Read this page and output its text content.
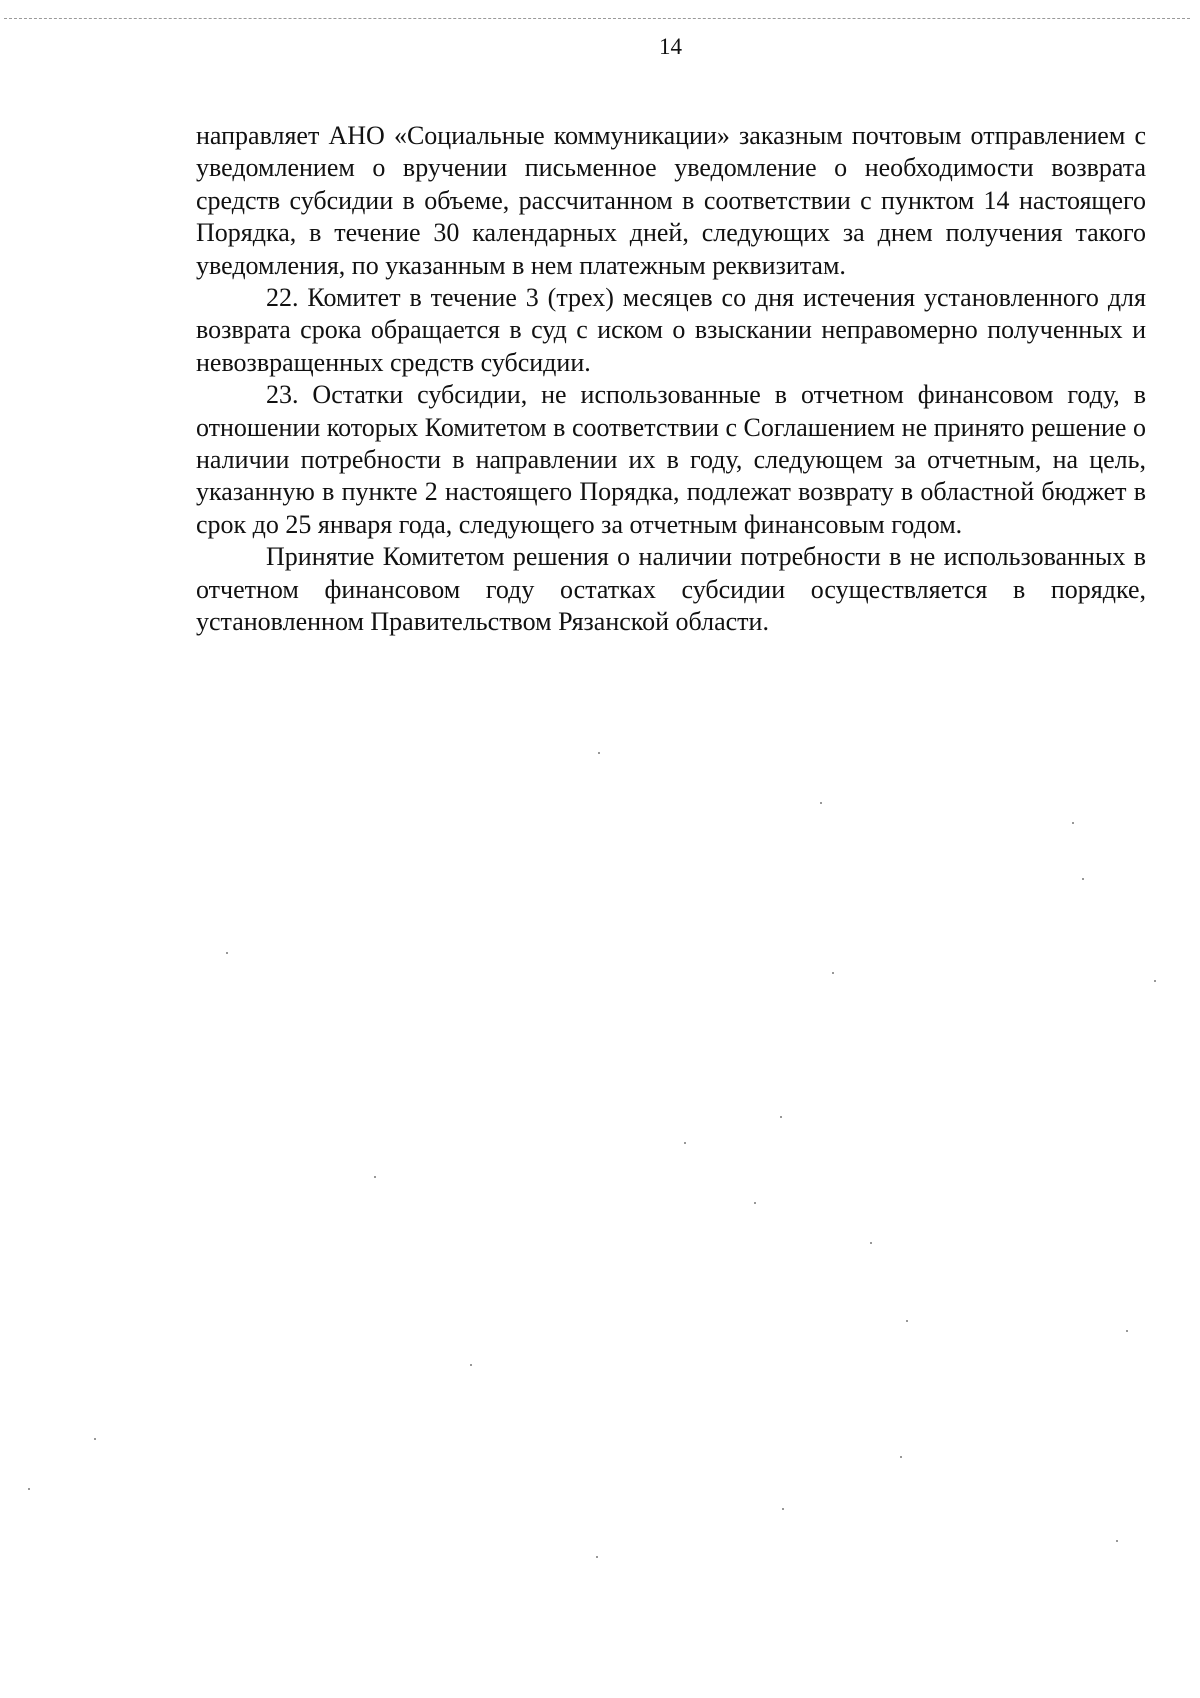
14

направляет АНО «Социальные коммуникации» заказным почтовым отправлением с уведомлением о вручении письменное уведомление о необходимости возврата средств субсидии в объеме, рассчитанном в соответствии с пунктом 14 настоящего Порядка, в течение 30 календарных дней, следующих за днем получения такого уведомления, по указанным в нем платежным реквизитам.

22. Комитет в течение 3 (трех) месяцев со дня истечения установленного для возврата срока обращается в суд с иском о взыскании неправомерно полученных и невозвращенных средств субсидии.

23. Остатки субсидии, не использованные в отчетном финансовом году, в отношении которых Комитетом в соответствии с Соглашением не принято решение о наличии потребности в направлении их в году, следующем за отчетным, на цель, указанную в пункте 2 настоящего Порядка, подлежат возврату в областной бюджет в срок до 25 января года, следующего за отчетным финансовым годом.

Принятие Комитетом решения о наличии потребности в не использованных в отчетном финансовом году остатках субсидии осуществляется в порядке, установленном Правительством Рязанской области.
